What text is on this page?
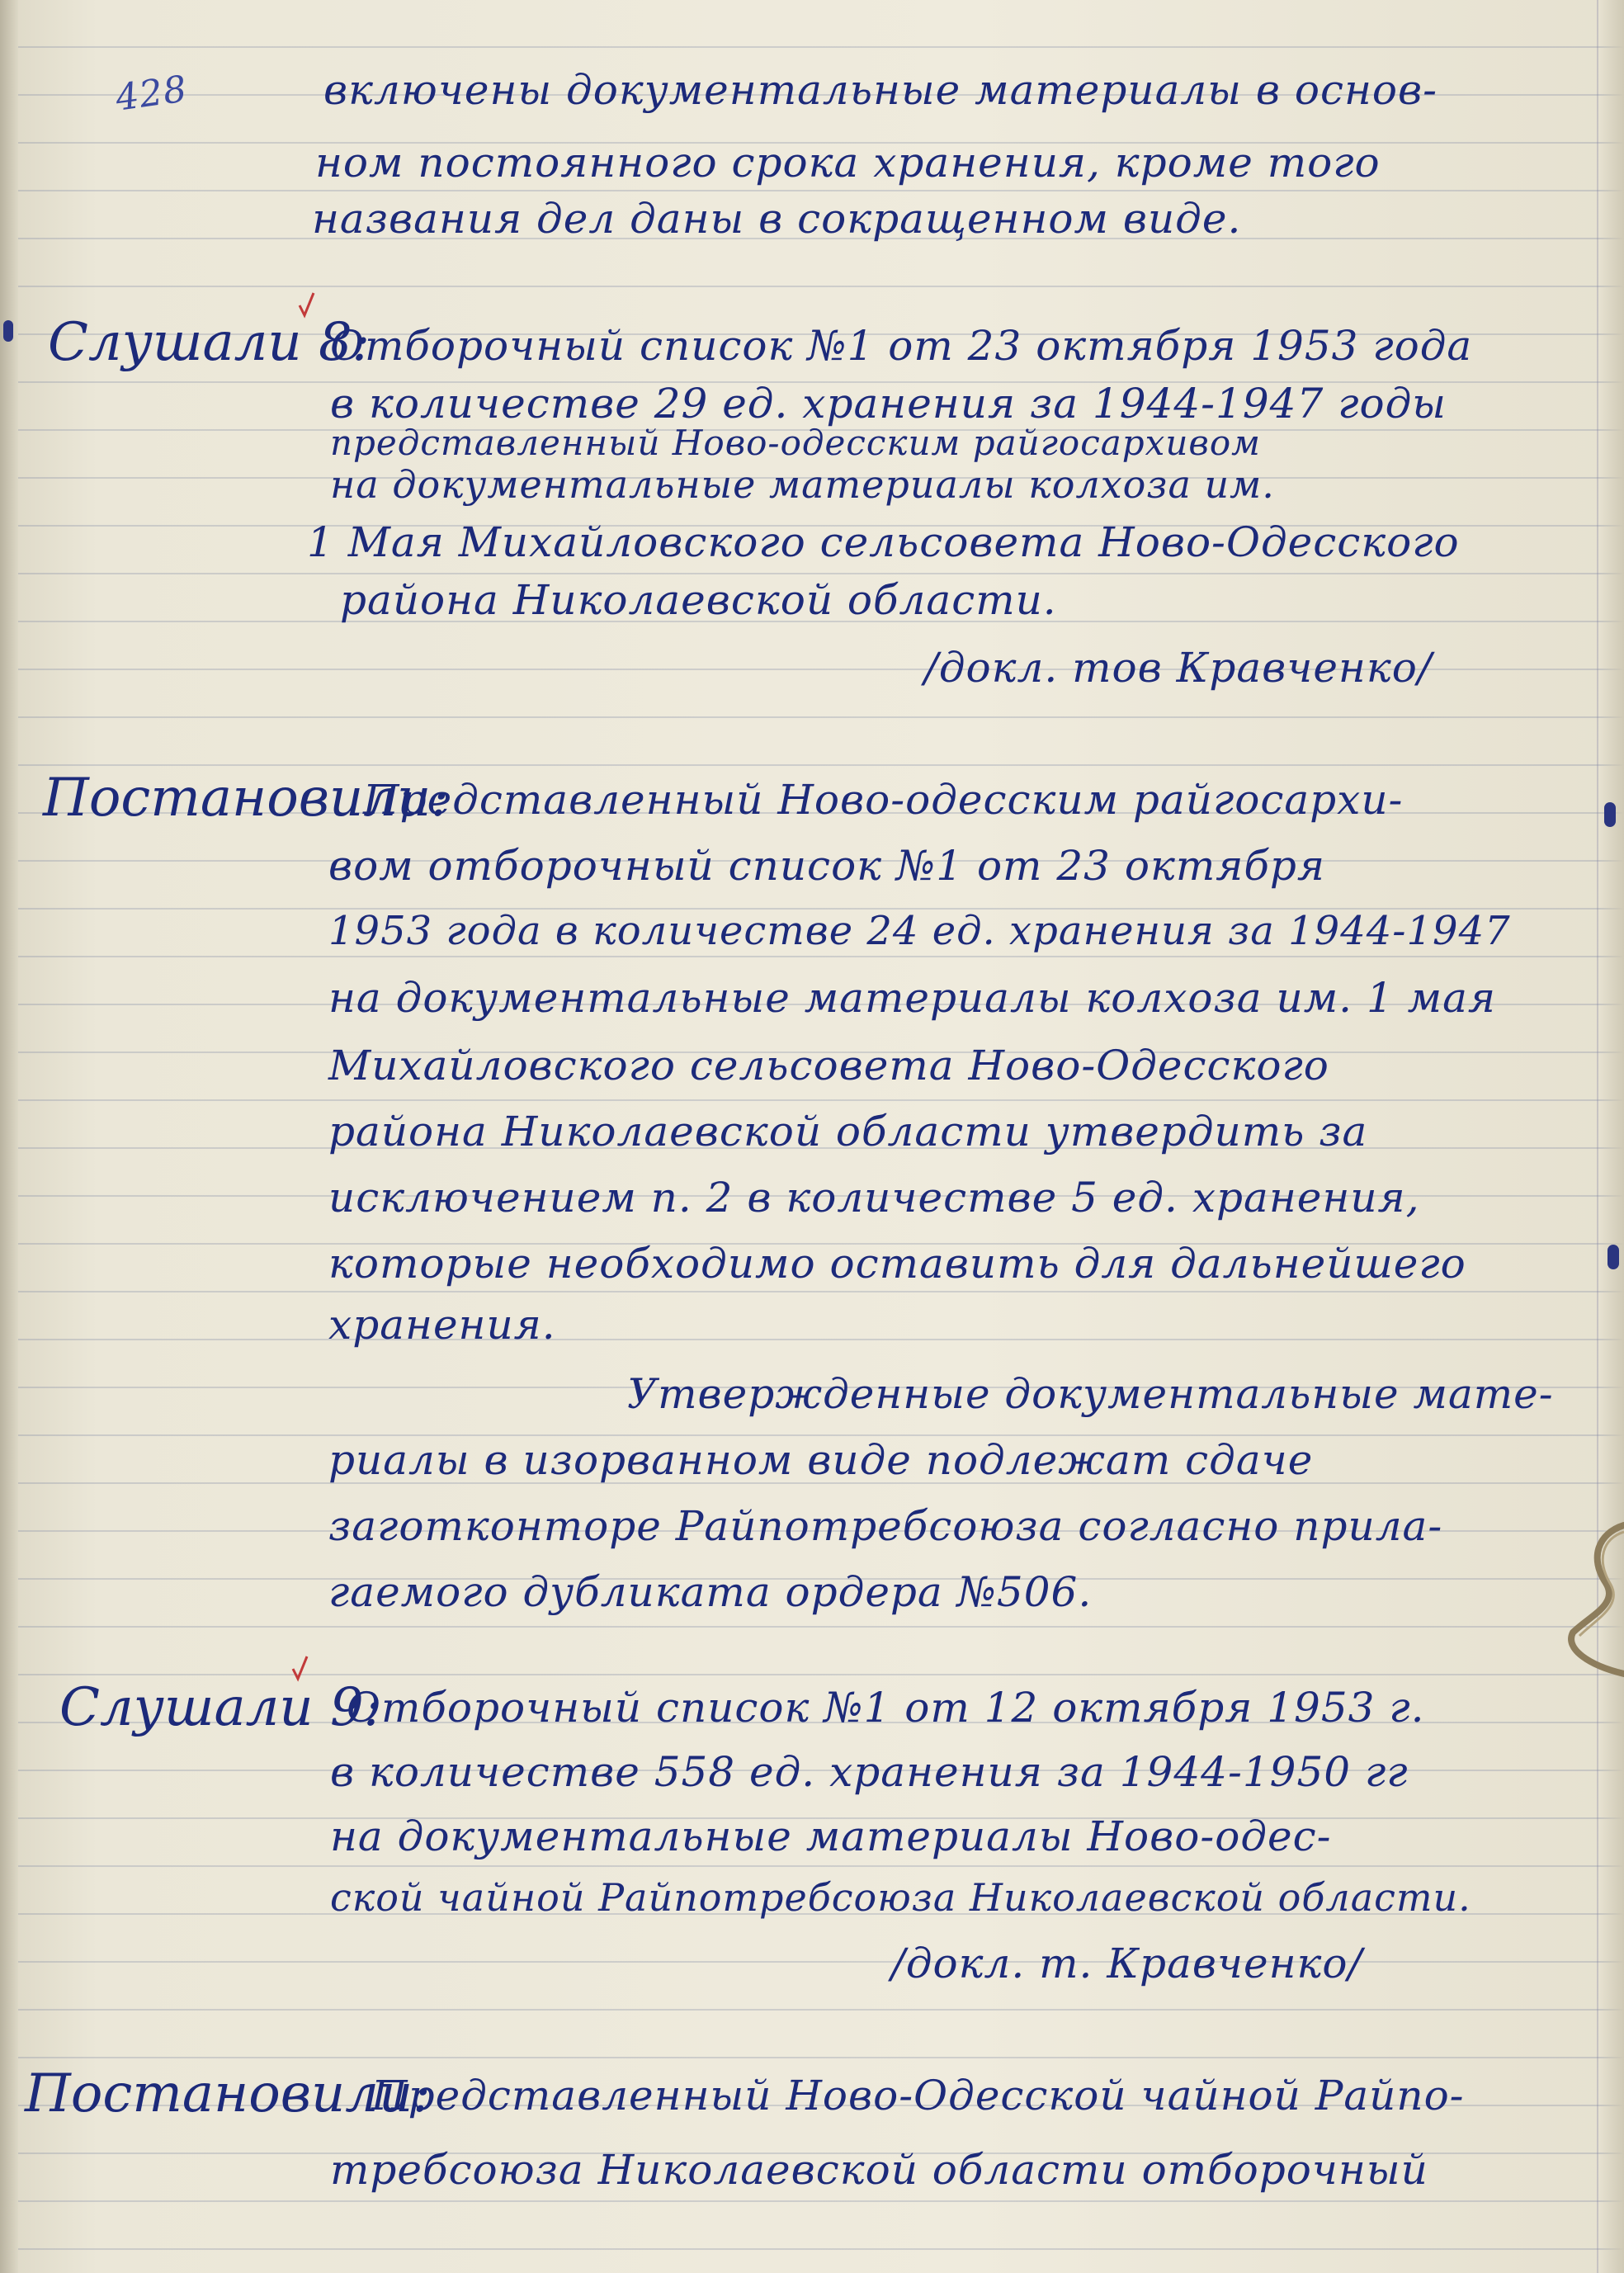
428	включены документальные материалы в основ-
ном постоянного срока хранения, кроме того
названия дел даны в сокращенном виде.
Слушали 8:
Отборочный список №1 от 23 октября 1953 года
в количестве 29 ед. хранения за 1944-1947 годы
представленный Ново-одесским райгосархивом
на документальные материалы колхоза им.
1 Мая Михайловского сельсовета Ново-Одесского
района Николаевской области.
/докл. тов Кравченко/
Постановили:
Представленный Ново-одесским райгосархи-
вом отборочный список №1 от 23 октября
1953 года в количестве 24 ед. хранения за 1944-1947
на документальные материалы колхоза им. 1 мая
Михайловского сельсовета Ново-Одесского
района Николаевской области утвердить за
исключением п. 2 в количестве 5 ед. хранения,
которые необходимо оставить для дальнейшего
хранения.
Утвержденные документальные мате-
риалы в изорванном виде подлежат сдаче
заготконторе Райпотребсоюза согласно прила-
гаемого дубликата ордера №506.
Слушали 9:
Отборочный список №1 от 12 октября 1953 г.
в количестве 558 ед. хранения за 1944-1950 гг
на документальные материалы Ново-одес-
ской чайной Райпотребсоюза Николаевской области.
/докл. т. Кравченко/
Постановили:
Представленный Ново-Одесской чайной Райпо-
требсоюза Николаевской области отборочный
